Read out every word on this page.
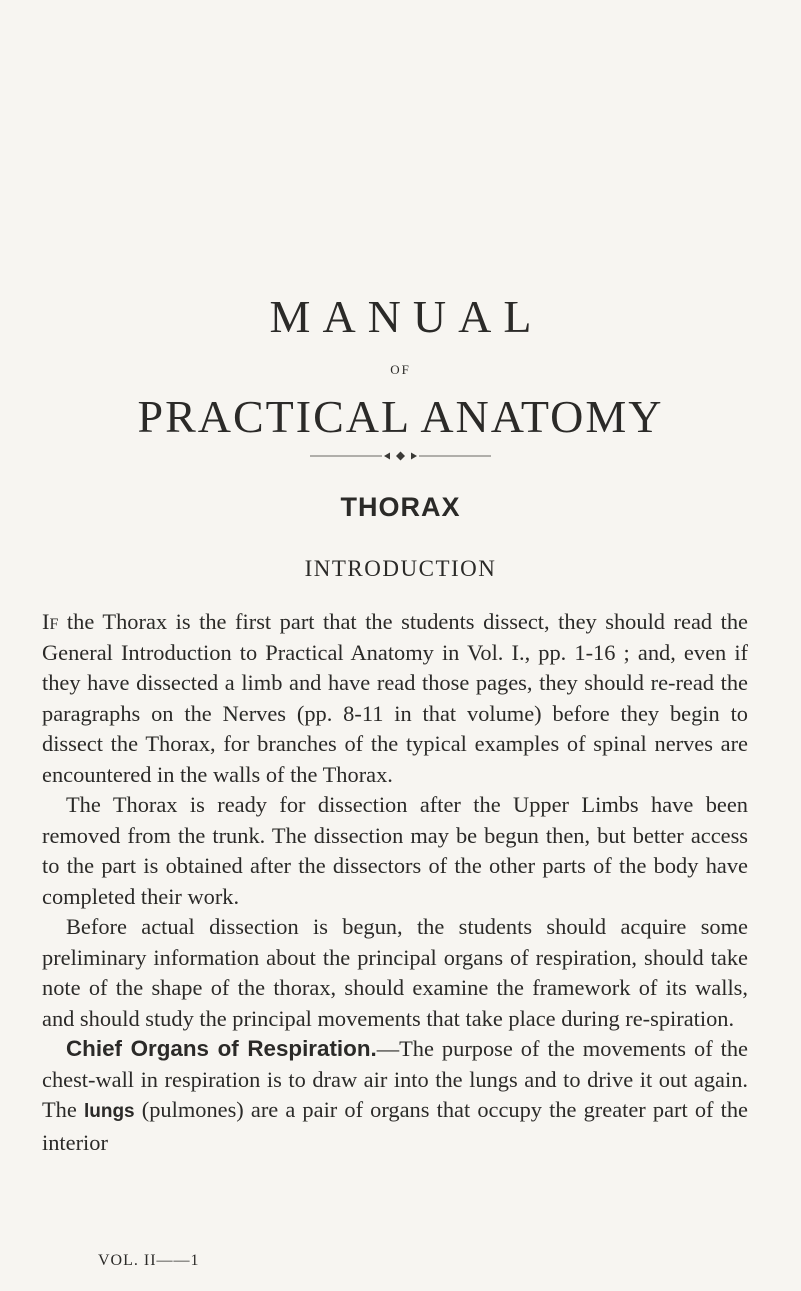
MANUAL
OF
PRACTICAL ANATOMY
THORAX
INTRODUCTION

If the Thorax is the first part that the students dissect, they should read the General Introduction to Practical Anatomy in Vol. I., pp. 1-16 ; and, even if they have dissected a limb and have read those pages, they should re-read the paragraphs on the Nerves (pp. 8-11 in that volume) before they begin to dissect the Thorax, for branches of the typical examples of spinal nerves are encountered in the walls of the Thorax.

The Thorax is ready for dissection after the Upper Limbs have been removed from the trunk. The dissection may be begun then, but better access to the part is obtained after the dissectors of the other parts of the body have completed their work.

Before actual dissection is begun, the students should acquire some preliminary information about the principal organs of respiration, should take note of the shape of the thorax, should examine the framework of its walls, and should study the principal movements that take place during re-spiration.

Chief Organs of Respiration.—The purpose of the movements of the chest-wall in respiration is to draw air into the lungs and to drive it out again. The lungs (pulmones) are a pair of organs that occupy the greater part of the interior

VOL. II——1
